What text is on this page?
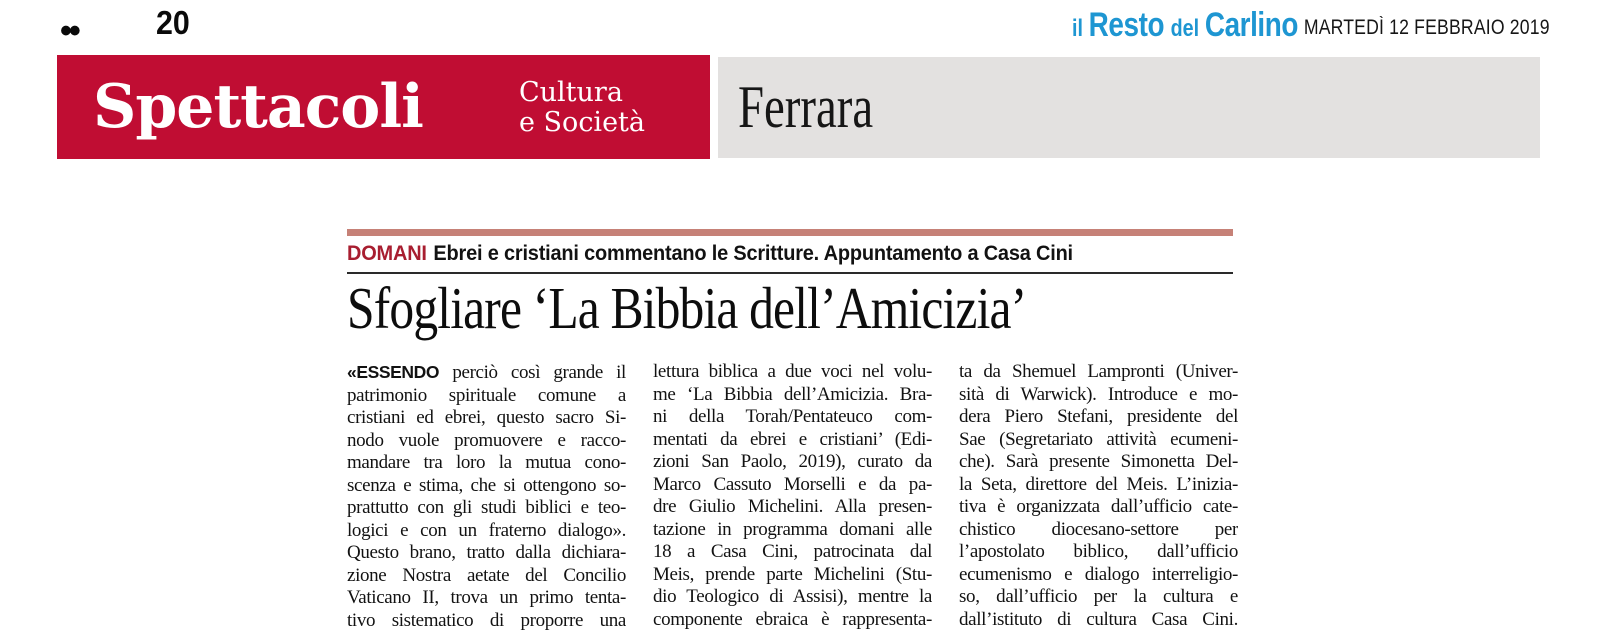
•• 20	il Resto del Carlino MARTEDÌ 12 FEBBRAIO 2019
Spettacoli	Cultura
e Società Ferrara
DOMANI Ebrei e cristiani commentano le Scritture. Appuntamento a Casa Cini
Sfogliare ‘La Bibbia dell’Amicizia’
«ESSENDO perciò così grande il
patrimonio spirituale comune a
cristiani ed ebrei, questo sacro Si-
nodo vuole promuovere e racco-
mandare tra loro la mutua cono-
scenza e stima, che si ottengono so-
prattutto con gli studi biblici e teo-
logici e con un fraterno dialogo».
Questo brano, tratto dalla dichiara-
zione Nostra aetate del Concilio
Vaticano II, trova un primo tenta-
tivo sistematico di proporre una
lettura biblica a due voci nel volu-
me ‘La Bibbia dell’Amicizia. Bra-
ni della Torah/Pentateuco com-
mentati da ebrei e cristiani’ (Edi-
zioni San Paolo, 2019), curato da
Marco Cassuto Morselli e da pa-
dre Giulio Michelini. Alla presen-
tazione in programma domani alle
18 a Casa Cini, patrocinata dal
Meis, prende parte Michelini (Stu-
dio Teologico di Assisi), mentre la
componente ebraica è rappresenta-
ta da Shemuel Lampronti (Univer-
sità di Warwick). Introduce e mo-
dera Piero Stefani, presidente del
Sae (Segretariato attività ecumeni-
che). Sarà presente Simonetta Del-
la Seta, direttore del Meis. L’inizia-
tiva è organizzata dall’ufficio cate-
chistico diocesano-settore per
l’apostolato biblico, dall’ufficio
ecumenismo e dialogo interreligio-
so, dall’ufficio per la cultura e
dall’istituto di cultura Casa Cini.
